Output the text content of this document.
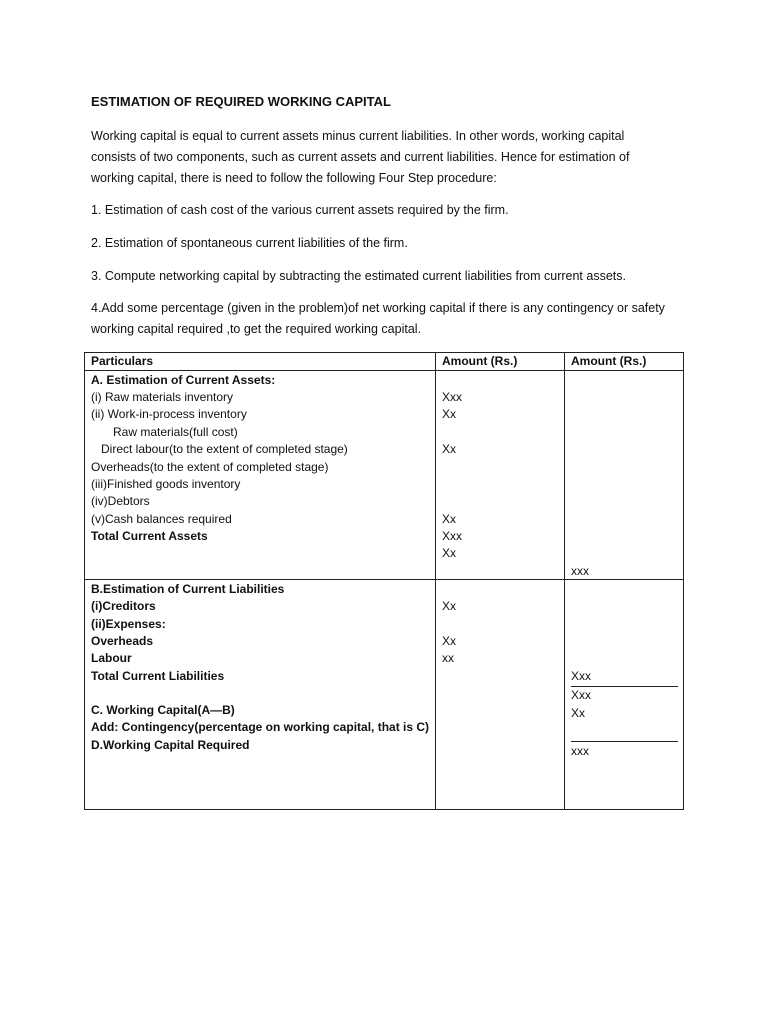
ESTIMATION OF REQUIRED WORKING CAPITAL
Working capital is equal to current assets minus current liabilities. In other words, working capital
consists of two components, such as current assets and current liabilities. Hence for estimation of
working capital, there is need to follow the following Four Step procedure:
1. Estimation of cash cost of the various current assets required by the firm.
2. Estimation of spontaneous current liabilities of the firm.
3. Compute networking capital by subtracting the estimated current liabilities from current assets.
4.Add some percentage (given in the problem)of net working capital if there is any contingency or safety
working capital required ,to get the required working capital.
Particulars	Amount (Rs.)	Amount (Rs.)
A. Estimation of Current Assets:
(i) Raw materials inventory
(ii) Work-in-process inventory
Raw materials(full cost)
Direct labour(to the extent of completed stage)
Overheads(to the extent of completed stage)
(iii)Finished goods inventory
(iv)Debtors
(v)Cash balances required
Total Current Assets
Xxx
Xx
Xx
Xx
Xxx
Xx
xxx
B.Estimation of Current Liabilities
(i)Creditors
(ii)Expenses:
Overheads
Labour
Total Current Liabilities
C. Working Capital(A—B)
Add: Contingency(percentage on working capital, that is C)
D.Working Capital Required
Xx
Xx
xx
Xxx
Xxx
Xx
xxx
